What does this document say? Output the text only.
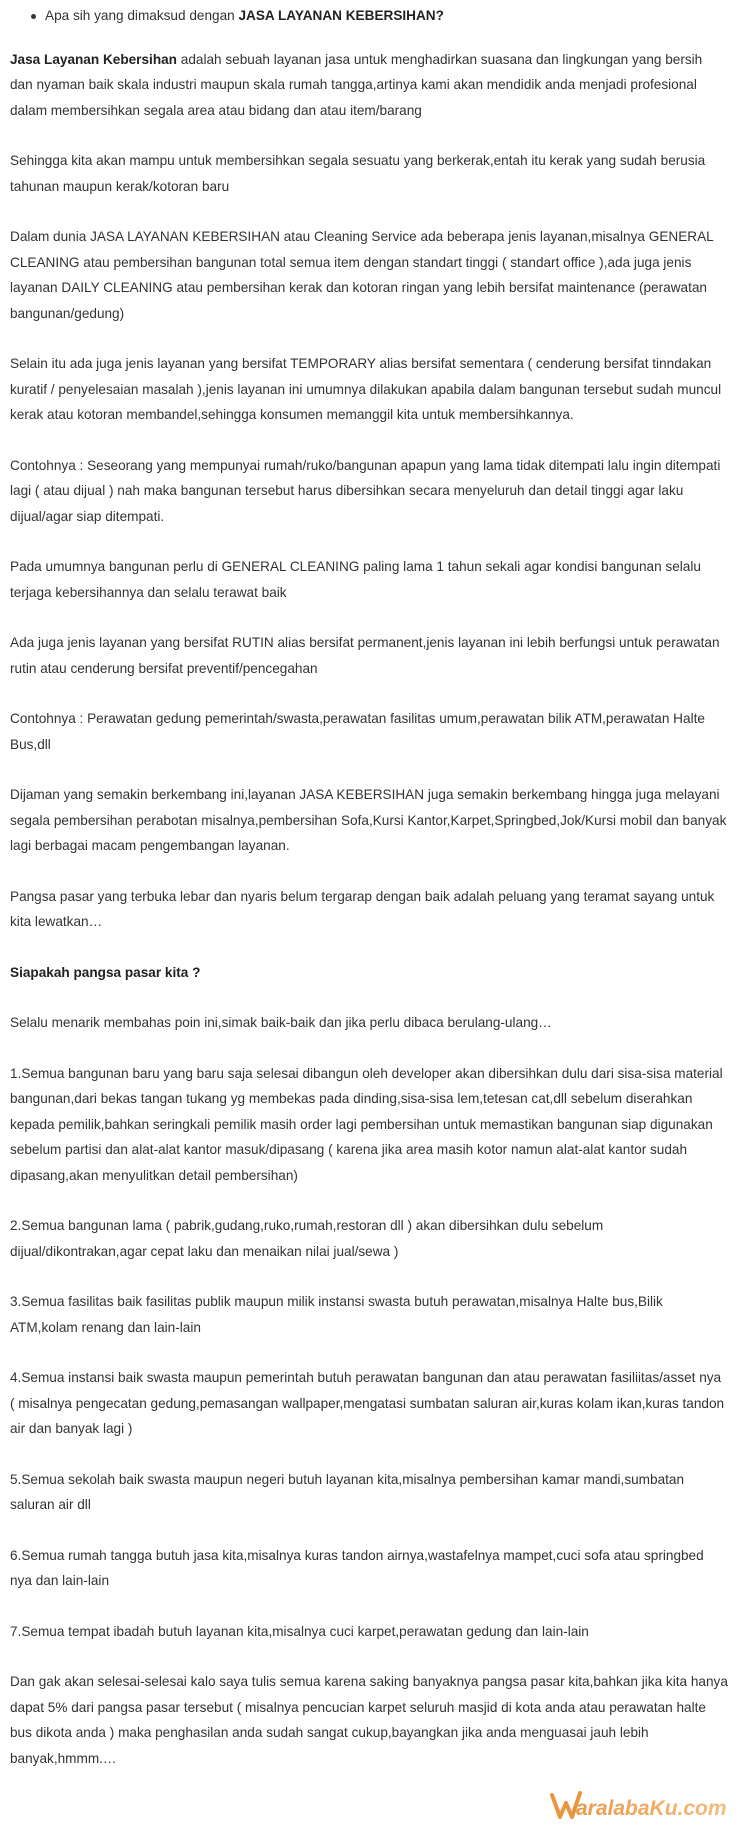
Apa sih yang dimaksud dengan JASA LAYANAN KEBERSIHAN?

Jasa Layanan Kebersihan adalah sebuah layanan jasa untuk menghadirkan suasana dan lingkungan yang bersih dan nyaman baik skala industri maupun skala rumah tangga,artinya kami akan mendidik anda menjadi profesional dalam membersihkan segala area atau bidang dan atau item/barang

Sehingga kita akan mampu untuk membersihkan segala sesuatu yang berkerak,entah itu kerak yang sudah berusia tahunan maupun kerak/kotoran baru

Dalam dunia JASA LAYANAN KEBERSIHAN atau Cleaning Service ada beberapa jenis layanan,misalnya GENERAL CLEANING atau pembersihan bangunan total semua item dengan standart tinggi ( standart office ),ada juga jenis layanan DAILY CLEANING atau pembersihan kerak dan kotoran ringan yang lebih bersifat maintenance (perawatan bangunan/gedung)

Selain itu ada juga jenis layanan yang bersifat TEMPORARY alias bersifat sementara ( cenderung bersifat tinndakan kuratif / penyelesaian masalah ),jenis layanan ini umumnya dilakukan apabila dalam bangunan tersebut sudah muncul kerak atau kotoran membandel,sehingga konsumen memanggil kita untuk membersihkannya.

Contohnya : Seseorang yang mempunyai rumah/ruko/bangunan apapun yang lama tidak ditempati lalu ingin ditempati lagi ( atau dijual ) nah maka bangunan tersebut harus dibersihkan secara menyeluruh dan detail tinggi agar laku dijual/agar siap ditempati.

Pada umumnya bangunan perlu di GENERAL CLEANING paling lama 1 tahun sekali agar kondisi bangunan selalu terjaga kebersihannya dan selalu terawat baik

Ada juga jenis layanan yang bersifat RUTIN alias bersifat permanent,jenis layanan ini lebih berfungsi untuk perawatan rutin atau cenderung bersifat preventif/pencegahan

Contohnya : Perawatan gedung pemerintah/swasta,perawatan fasilitas umum,perawatan bilik ATM,perawatan Halte Bus,dll

Dijaman yang semakin berkembang ini,layanan JASA KEBERSIHAN juga semakin berkembang hingga juga melayani segala pembersihan perabotan misalnya,pembersihan Sofa,Kursi Kantor,Karpet,Springbed,Jok/Kursi mobil dan banyak lagi berbagai macam pengembangan layanan.

Pangsa pasar yang terbuka lebar dan nyaris belum tergarap dengan baik adalah peluang yang teramat sayang untuk kita lewatkan…

Siapakah pangsa pasar kita ?

Selalu menarik membahas poin ini,simak baik-baik dan jika perlu dibaca berulang-ulang…

1.Semua bangunan baru yang baru saja selesai dibangun oleh developer akan dibersihkan dulu dari sisa-sisa material bangunan,dari bekas tangan tukang yg membekas pada dinding,sisa-sisa lem,tetesan cat,dll sebelum diserahkan kepada pemilik,bahkan seringkali pemilik masih order lagi pembersihan untuk memastikan bangunan siap digunakan sebelum partisi dan alat-alat kantor masuk/dipasang ( karena jika area masih kotor namun alat-alat kantor sudah dipasang,akan menyulitkan detail pembersihan)

2.Semua bangunan lama ( pabrik,gudang,ruko,rumah,restoran dll ) akan dibersihkan dulu sebelum dijual/dikontrakan,agar cepat laku dan menaikan nilai jual/sewa )

3.Semua fasilitas baik fasilitas publik maupun milik instansi swasta butuh perawatan,misalnya Halte bus,Bilik ATM,kolam renang dan lain-lain

4.Semua instansi baik swasta maupun pemerintah butuh perawatan bangunan dan atau perawatan fasiliitas/asset nya ( misalnya pengecatan gedung,pemasangan wallpaper,mengatasi sumbatan saluran air,kuras kolam ikan,kuras tandon air dan banyak lagi )

5.Semua sekolah baik swasta maupun negeri butuh layanan kita,misalnya pembersihan kamar mandi,sumbatan saluran air dll

6.Semua rumah tangga butuh jasa kita,misalnya kuras tandon airnya,wastafelnya mampet,cuci sofa atau springbed nya dan lain-lain

7.Semua tempat ibadah butuh layanan kita,misalnya cuci karpet,perawatan gedung dan lain-lain

Dan gak akan selesai-selesai kalo saya tulis semua karena saking banyaknya pangsa pasar kita,bahkan jika kita hanya dapat 5% dari pangsa pasar tersebut ( misalnya pencucian karpet seluruh masjid di kota anda atau perawatan halte bus dikota anda ) maka penghasilan anda sudah sangat cukup,bayangkan jika anda menguasai jauh lebih banyak,hmmm.…

aralabaKu.com
